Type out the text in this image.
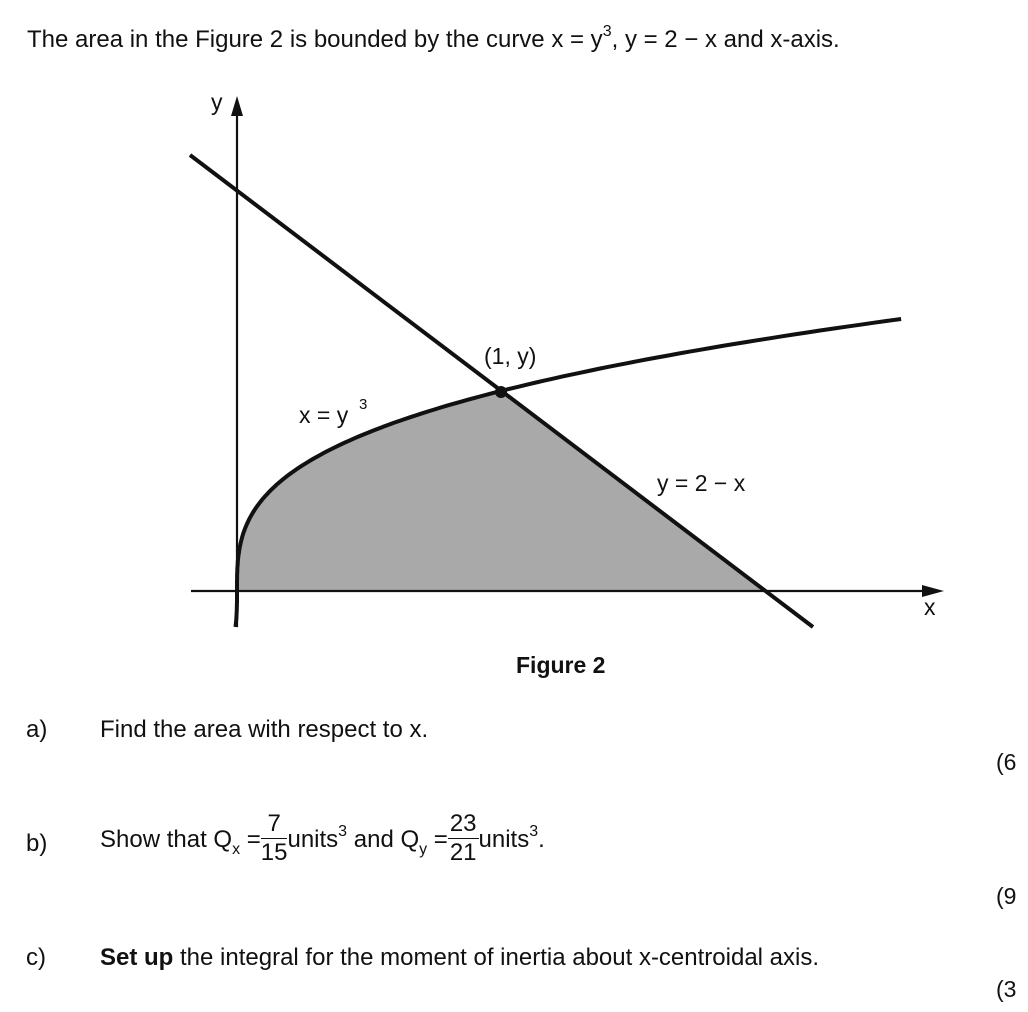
The area in the Figure 2 is bounded by the curve $x = y^3$, y = 2 − x and x-axis.
y
x
x = y 3
(1, y)
y = 2 − x
Figure 2
a) Find the area with respect to x.
(6
b) Show that $Q_x = \frac{7}{15}$ units$^3$ and $Q_y = \frac{23}{21}$ units$^3$.
(9
c) Set up the integral for the moment of inertia about x-centroidal axis.
(3
